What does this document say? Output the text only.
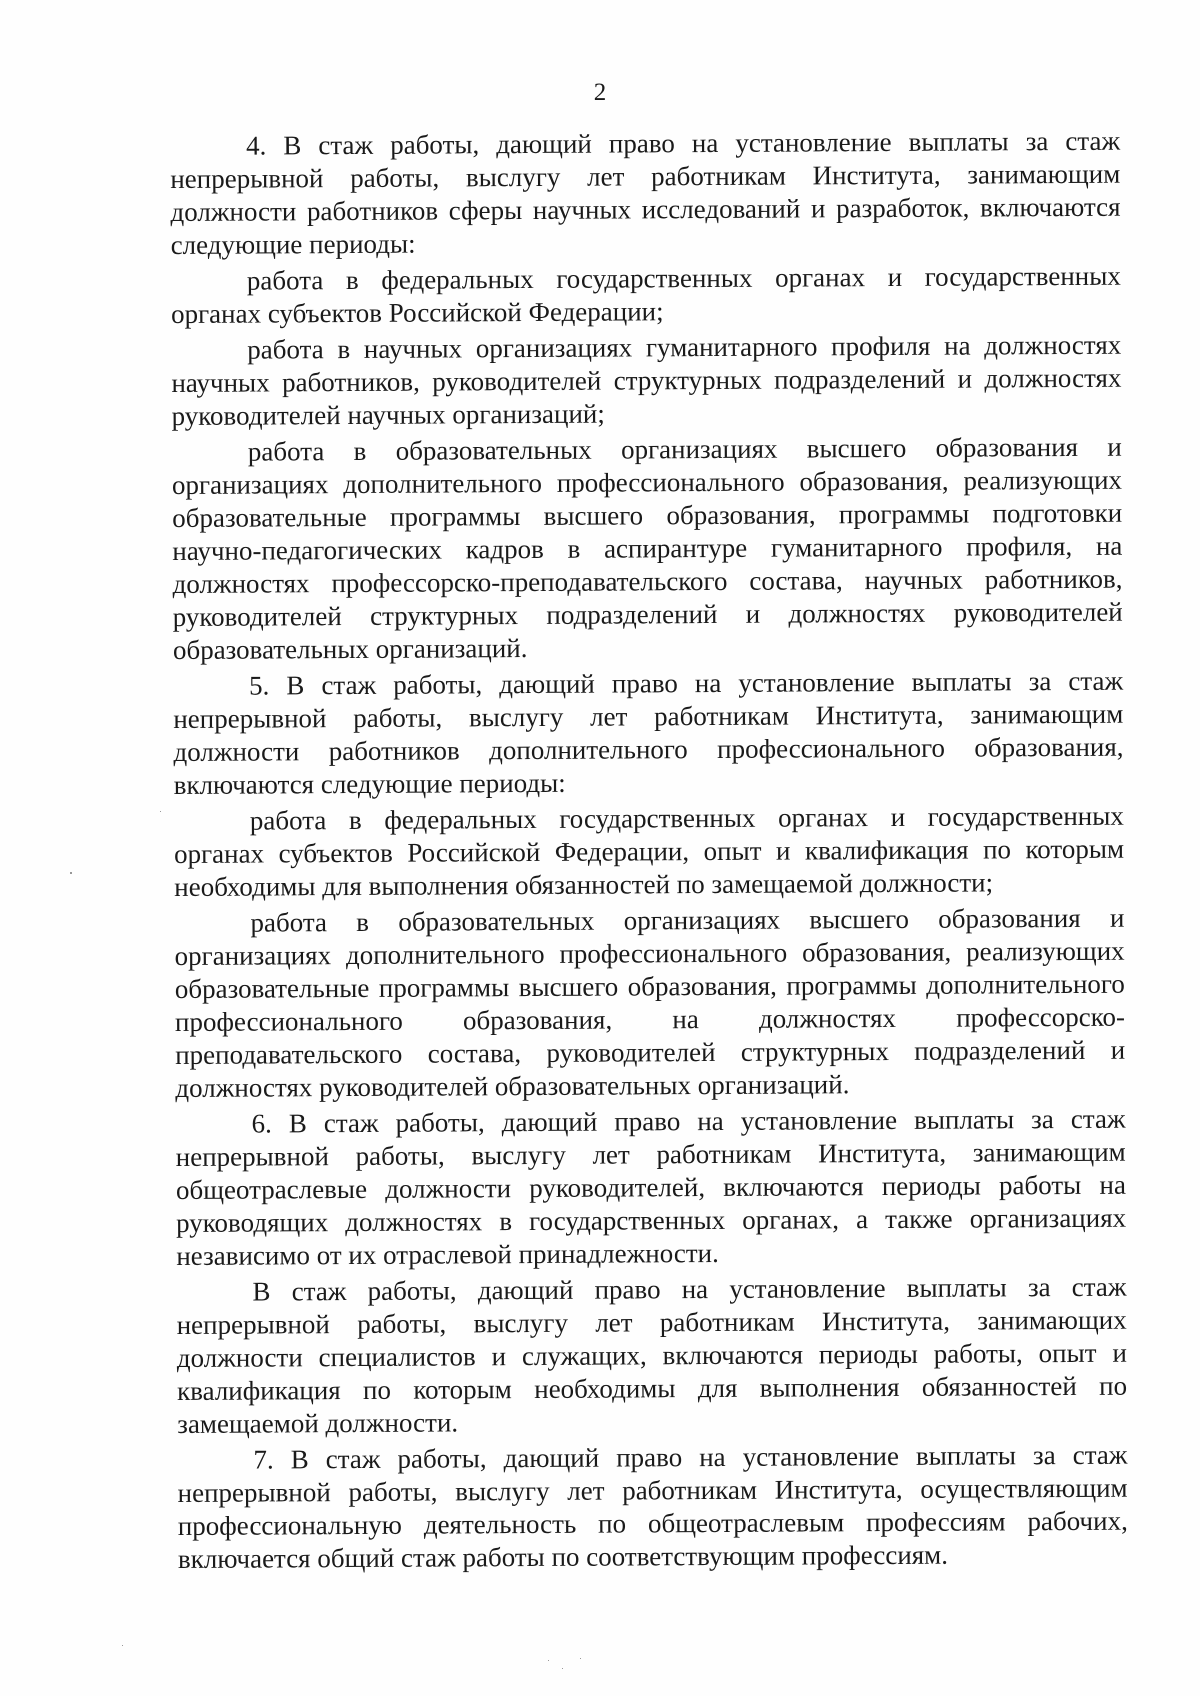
2

4. В стаж работы, дающий право на установление выплаты за стаж непрерывной работы, выслугу лет работникам Института, занимающим должности работников сферы научных исследований и разработок, включаются следующие периоды:

работа в федеральных государственных органах и государственных органах субъектов Российской Федерации;

работа в научных организациях гуманитарного профиля на должностях научных работников, руководителей структурных подразделений и должностях руководителей научных организаций;

работа в образовательных организациях высшего образования и организациях дополнительного профессионального образования, реализующих образовательные программы высшего образования, программы подготовки научно-педагогических кадров в аспирантуре гуманитарного профиля, на должностях профессорско-преподавательского состава, научных работников, руководителей структурных подразделений и должностях руководителей образовательных организаций.

5. В стаж работы, дающий право на установление выплаты за стаж непрерывной работы, выслугу лет работникам Института, занимающим должности работников дополнительного профессионального образования, включаются следующие периоды:

работа в федеральных государственных органах и государственных органах субъектов Российской Федерации, опыт и квалификация по которым необходимы для выполнения обязанностей по замещаемой должности;

работа в образовательных организациях высшего образования и организациях дополнительного профессионального образования, реализующих образовательные программы высшего образования, программы дополнительного профессионального образования, на должностях профессорско-преподавательского состава, руководителей структурных подразделений и должностях руководителей образовательных организаций.

6. В стаж работы, дающий право на установление выплаты за стаж непрерывной работы, выслугу лет работникам Института, занимающим общеотраслевые должности руководителей, включаются периоды работы на руководящих должностях в государственных органах, а также организациях независимо от их отраслевой принадлежности.

В стаж работы, дающий право на установление выплаты за стаж непрерывной работы, выслугу лет работникам Института, занимающих должности специалистов и служащих, включаются периоды работы, опыт и квалификация по которым необходимы для выполнения обязанностей по замещаемой должности.

7. В стаж работы, дающий право на установление выплаты за стаж непрерывной работы, выслугу лет работникам Института, осуществляющим профессиональную деятельность по общеотраслевым профессиям рабочих, включается общий стаж работы по соответствующим профессиям.
